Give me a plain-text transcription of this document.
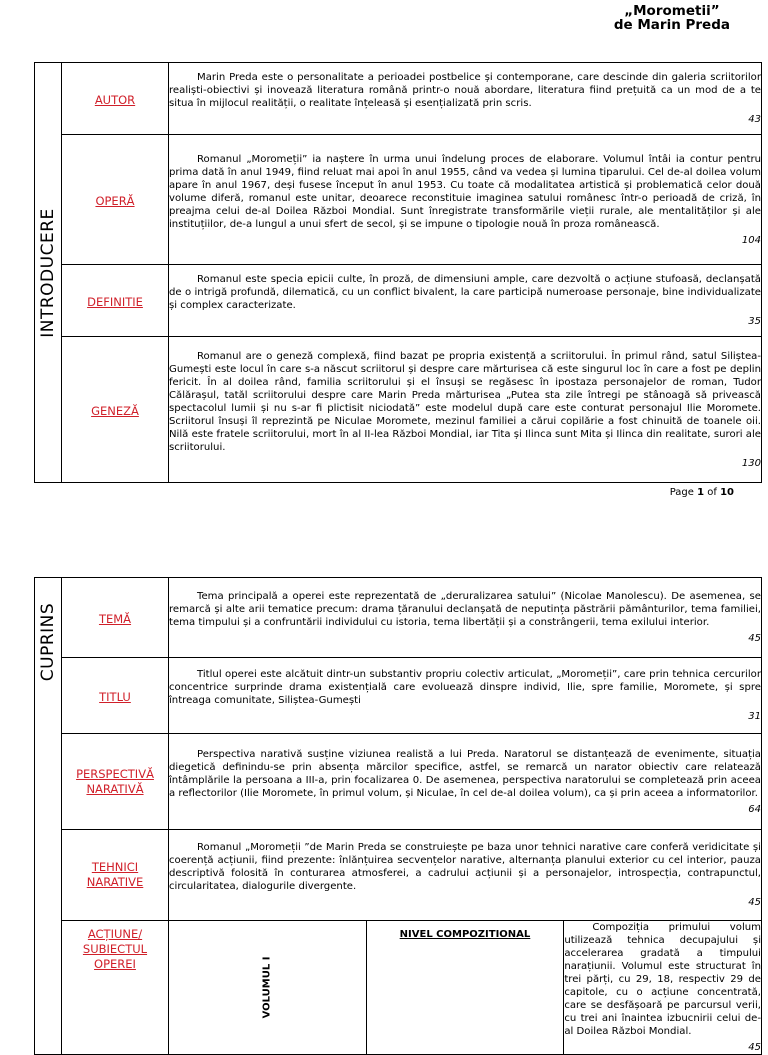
„Morometii”
de Marin Preda
INTRODUCERE	AUTOR	Marin Preda este o personalitate a perioadei postbelice și contemporane, care descinde din galeria scriitorilor realiști-obiectivi și inovează literatura română printr-o nouă abordare, literatura fiind prețuită ca un mod de a te situa în mijlocul realității, o realitate înțeleasă și esențializată prin scris.

43

	OPERĂ	Romanul „Moromeții” ia naștere în urma unui îndelung proces de elaborare. Volumul întâi ia contur pentru prima dată în anul 1949, fiind reluat mai apoi în anul 1955, când va vedea și lumina tiparului. Cel de-al doilea volum apare în anul 1967, deși fusese început în anul 1953. Cu toate că modalitatea artistică și problematică celor două volume diferă, romanul este unitar, deoarece reconstituie imaginea satului românesc într-o perioadă de criză, în preajma celui de-al Doilea Război Mondial. Sunt înregistrate transformările vieții rurale, ale mentalităților și ale instituțiilor, de-a lungul a unui sfert de secol, și se impune o tipologie nouă în proza românească.

104

	DEFINITIE	Romanul este specia epicii culte, în proză, de dimensiuni ample, care dezvoltă o acțiune stufoasă, declanșată de o intrigă profundă, dilematică, cu un conflict bivalent, la care participă numeroase personaje, bine individualizate și complex caracterizate.

35

	GENEZĂ	Romanul are o geneză complexă, fiind bazat pe propria existență a scriitorului. În primul rând, satul Siliștea-Gumești este locul în care s-a născut scriitorul și despre care mărturisea că este singurul loc în care a fost pe deplin fericit. În al doilea rând, familia scriitorului și el însuși se regăsesc în ipostaza personajelor de roman, Tudor Călărașul, tatăl scriitorului despre care Marin Preda mărturisea „Putea sta zile întregi pe stânoagă să privească spectacolul lumii și nu s-ar fi plictisit niciodată” este modelul după care este conturat personajul Ilie Moromete. Scriitorul însuși îl reprezintă pe Niculae Moromete, mezinul familiei a cărui copilărie a fost chinuită de toanele oii. Nilă este fratele scriitorului, mort în al II-lea Război Mondial, iar Tita și Ilinca sunt Mita și Ilinca din realitate, surori ale scriitorului.

130
Page 1 of 10
CUPRINS	TEMĂ	Tema principală a operei este reprezentată de „deruralizarea satului” (Nicolae Manolescu). De asemenea, se remarcă și alte arii tematice precum: drama țăranului declanșată de neputința păstrării pământurilor, tema familiei, tema timpului și a confruntării individului cu istoria, tema libertății și a constrângerii, tema exilului interior.

45		

	TITLU	Titlul operei este alcătuit dintr-un substantiv propriu colectiv articulat, „Moromeții”, care prin tehnica cercurilor concentrice surprinde drama existențială care evoluează dinspre individ, Ilie, spre familie, Moromete, și spre întreaga comunitate, Siliștea-Gumești

31		

	PERSPECTIVĂ NARATIVĂ	Perspectiva narativă susține viziunea realistă a lui Preda. Naratorul se distanțează de evenimente, situația diegetică definindu-se prin absența mărcilor specifice, astfel, se remarcă un narator obiectiv care relatează întâmplările la persoana a III-a, prin focalizarea 0. De asemenea, perspectiva naratorului se completează prin aceea a reflectorilor (Ilie Moromete, în primul volum, și Niculae, în cel de-al doilea volum), ca și prin aceea a informatorilor.

64		

	TEHNICI NARATIVE	Romanul „Moromeții ”de Marin Preda se construiește pe baza unor tehnici narative care conferă veridicitate și coerență acțiunii, fiind prezente: înlănțuirea secvențelor narative, alternanța planului exterior cu cel interior, pauza descriptivă folosită în conturarea atmosferei, a cadrului acțiunii și a personajelor, introspecția, contrapunctul, circularitatea, dialogurile divergente.

45		

	ACȚIUNE/ SUBIECTUL OPEREI	VOLUMUL I	NIVEL COMPOZITIONAL	Compoziția primului volum utilizează tehnica decupajului și accelerarea gradată a timpului narațiunii. Volumul este structurat în trei părți, cu 29, 18, respectiv 29 de capitole, cu o acțiune concentrată, care se desfășoară pe parcursul verii, cu trei ani înaintea izbucnirii celui de-al Doilea Război Mondial.

45
